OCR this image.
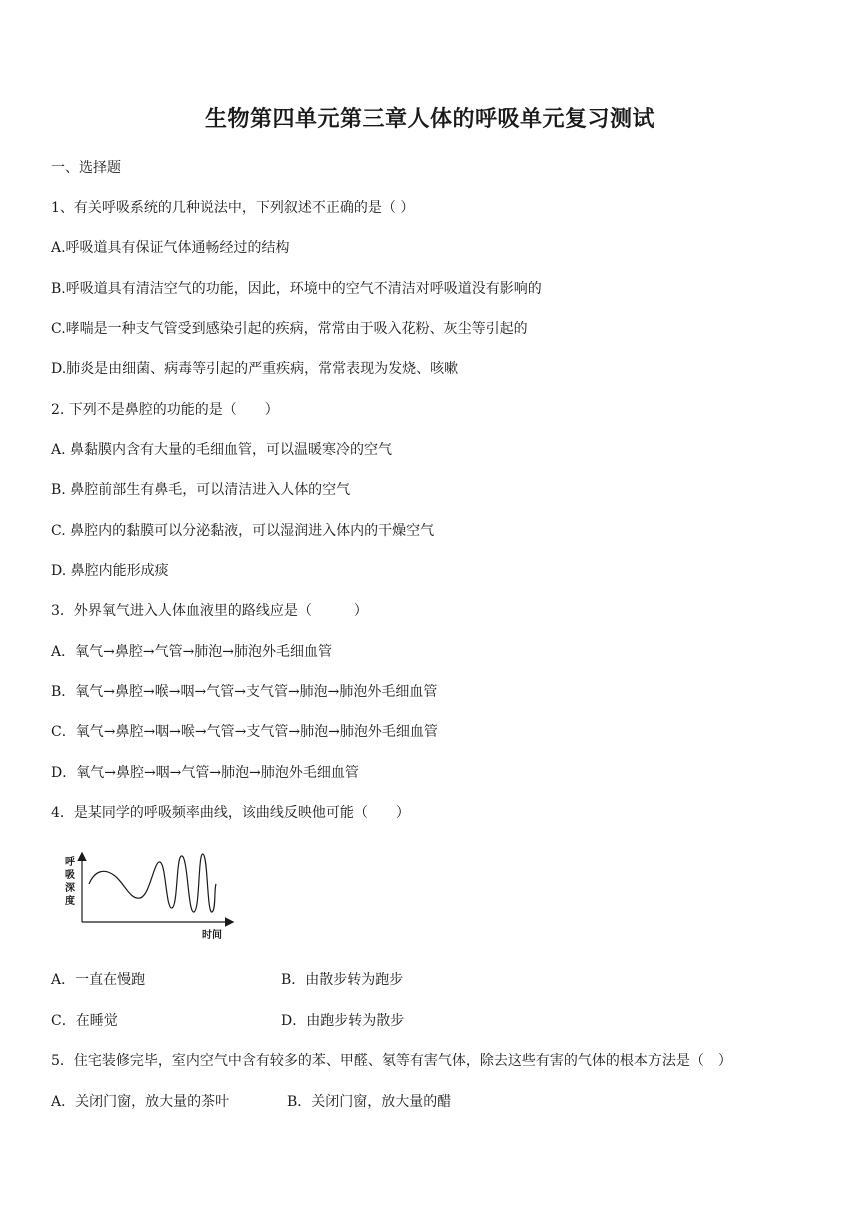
生物第四单元第三章人体的呼吸单元复习测试
一、选择题
1、有关呼吸系统的几种说法中，下列叙述不正确的是（ ）
A.呼吸道具有保证气体通畅经过的结构
B.呼吸道具有清洁空气的功能，因此，环境中的空气不清洁对呼吸道没有影响的
C.哮喘是一种支气管受到感染引起的疾病，常常由于吸入花粉、灰尘等引起的
D.肺炎是由细菌、病毒等引起的严重疾病，常常表现为发烧、咳嗽
2. 下列不是鼻腔的功能的是（　　）
A. 鼻黏膜内含有大量的毛细血管，可以温暖寒冷的空气
B. 鼻腔前部生有鼻毛，可以清洁进入人体的空气
C. 鼻腔内的黏膜可以分泌黏液，可以湿润进入体内的干燥空气
D. 鼻腔内能形成痰
3．外界氧气进入人体血液里的路线应是（　　　）
A．氧气→鼻腔→气管→肺泡→肺泡外毛细血管
B．氧气→鼻腔→喉→咽→气管→支气管→肺泡→肺泡外毛细血管
C．氧气→鼻腔→咽→喉→气管→支气管→肺泡→肺泡外毛细血管
D．氧气→鼻腔→咽→气管→肺泡→肺泡外毛细血管
4．是某同学的呼吸频率曲线，该曲线反映他可能（　　）
呼吸深度
时间
A．一直在慢跑	B．由散步转为跑步
C．在睡觉	D．由跑步转为散步
5．住宅装修完毕，室内空气中含有较多的苯、甲醛、氡等有害气体，除去这些有害的气体的根本方法是（　）
A．关闭门窗，放大量的茶叶	B．关闭门窗，放大量的醋
